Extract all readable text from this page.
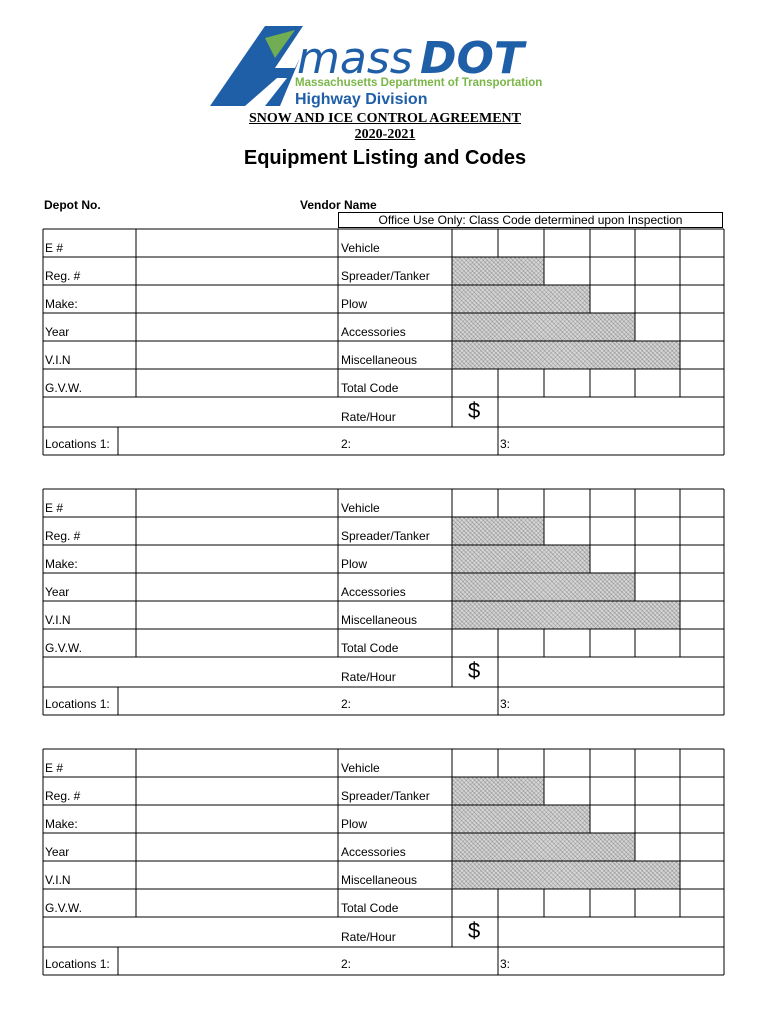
mass DOT
Massachusetts Department of Transportation
Highway Division
SNOW AND ICE CONTROL AGREEMENT
2020-2021
Equipment Listing and Codes
Depot No.	Vendor Name
Office Use Only: Class Code determined upon Inspection
E #	Vehicle
Reg. #	Spreader/Tanker
Make:	Plow
Year	Accessories
V.I.N	Miscellaneous
G.V.W.	Total Code
Rate/Hour	$
Locations 1:	2:	3:
E #	Vehicle
Reg. #	Spreader/Tanker
Make:	Plow
Year	Accessories
V.I.N	Miscellaneous
G.V.W.	Total Code
Rate/Hour	$
Locations 1:	2:	3:
E #	Vehicle
Reg. #	Spreader/Tanker
Make:	Plow
Year	Accessories
V.I.N	Miscellaneous
G.V.W.	Total Code
Rate/Hour	$
Locations 1:	2:	3:
